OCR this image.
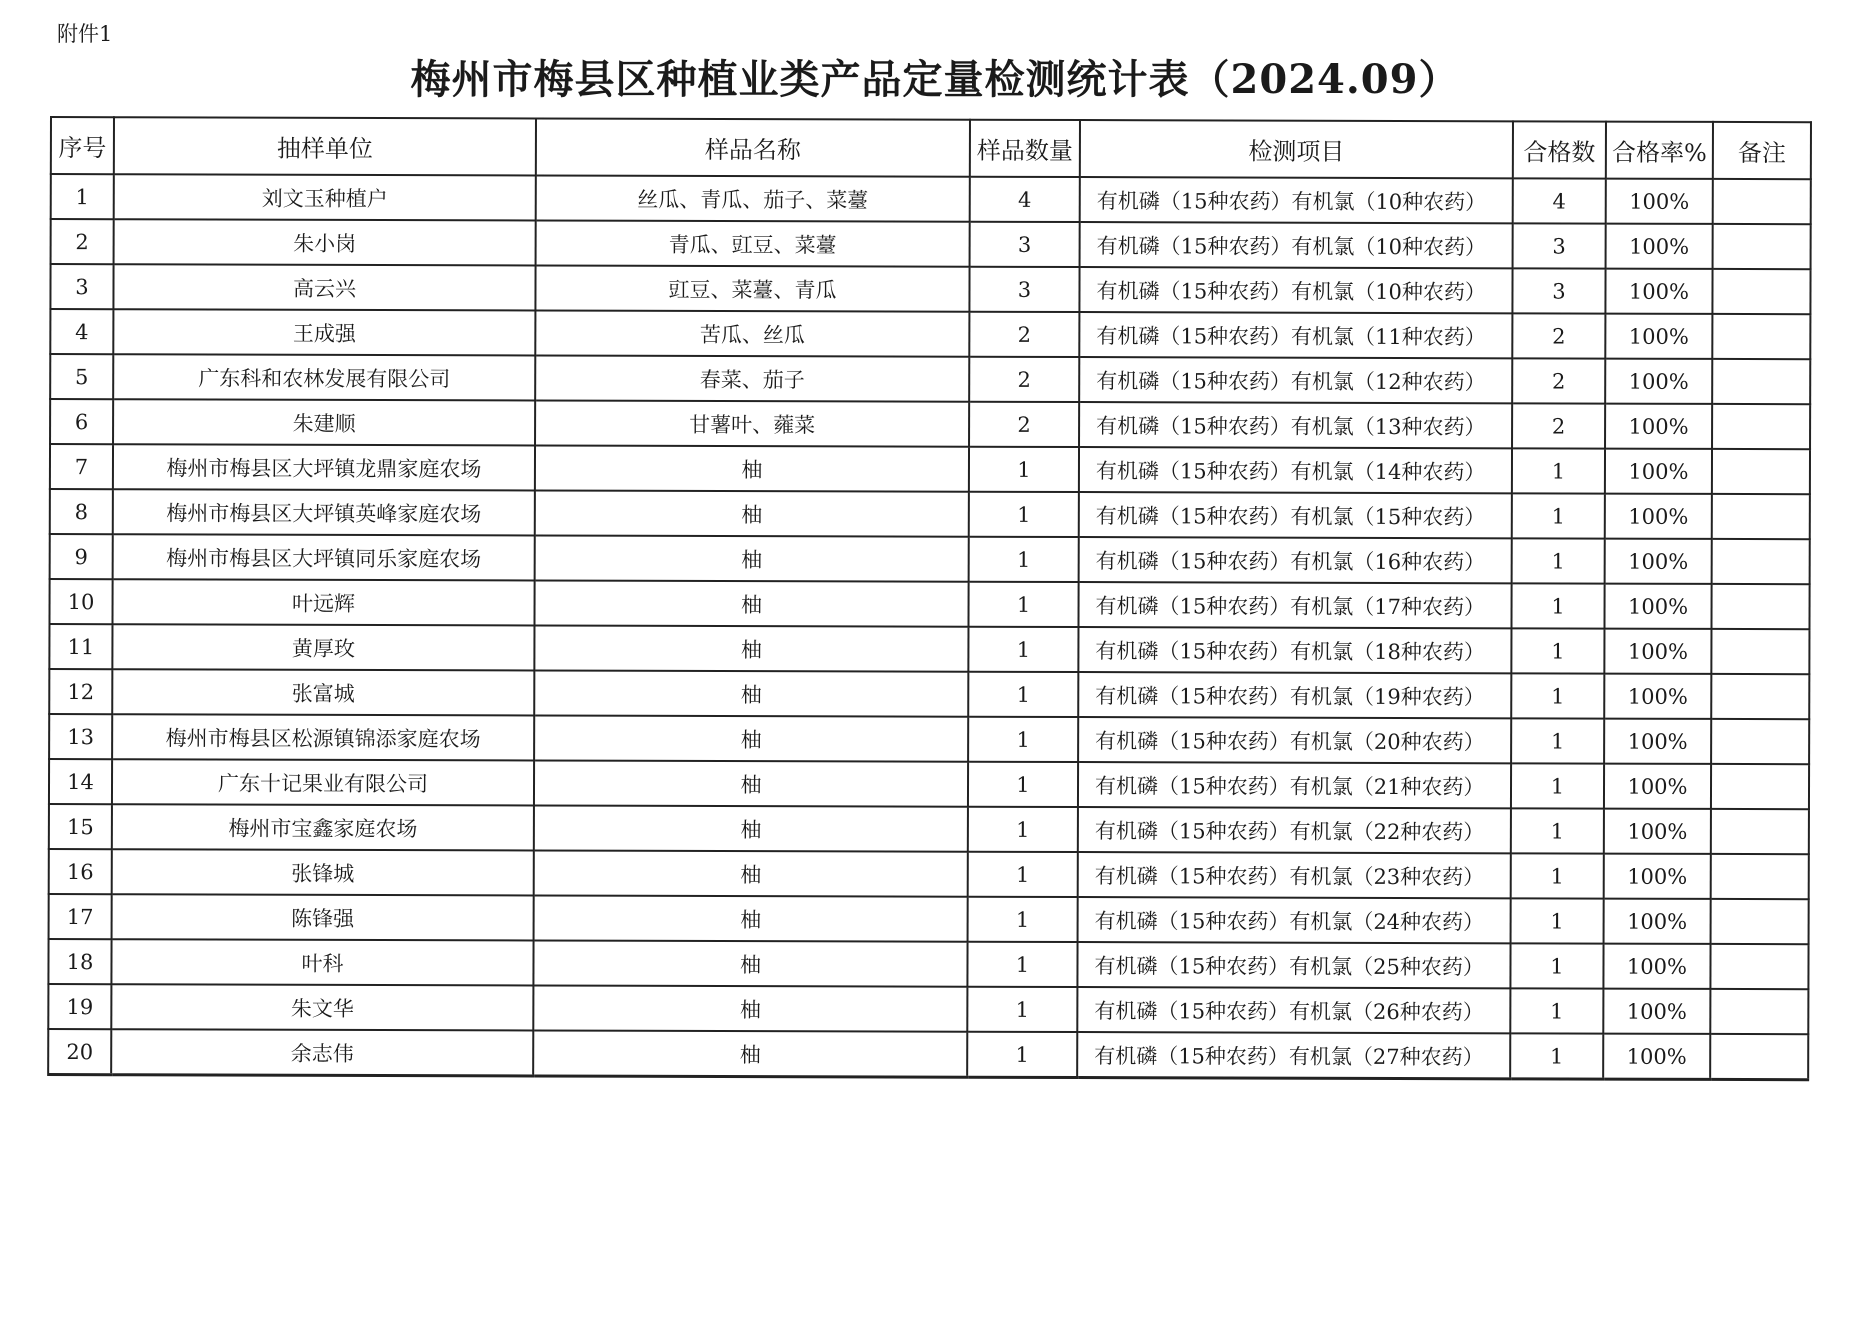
附件1
梅州市梅县区种植业类产品定量检测统计表（2024.09）
序号	抽样单位	样品名称	样品数量	检测项目	合格数	合格率%	备注
1	刘文玉种植户	丝瓜、青瓜、茄子、菜薹	4	有机磷（15种农药）有机氯（10种农药）	4	100%	
2	朱小岗	青瓜、豇豆、菜薹	3	有机磷（15种农药）有机氯（10种农药）	3	100%	
3	高云兴	豇豆、菜薹、青瓜	3	有机磷（15种农药）有机氯（10种农药）	3	100%	
4	王成强	苦瓜、丝瓜	2	有机磷（15种农药）有机氯（11种农药）	2	100%	
5	广东科和农林发展有限公司	春菜、茄子	2	有机磷（15种农药）有机氯（12种农药）	2	100%	
6	朱建顺	甘薯叶、蕹菜	2	有机磷（15种农药）有机氯（13种农药）	2	100%	
7	梅州市梅县区大坪镇龙鼎家庭农场	柚	1	有机磷（15种农药）有机氯（14种农药）	1	100%	
8	梅州市梅县区大坪镇英峰家庭农场	柚	1	有机磷（15种农药）有机氯（15种农药）	1	100%	
9	梅州市梅县区大坪镇同乐家庭农场	柚	1	有机磷（15种农药）有机氯（16种农药）	1	100%	
10	叶远辉	柚	1	有机磷（15种农药）有机氯（17种农药）	1	100%	
11	黄厚玫	柚	1	有机磷（15种农药）有机氯（18种农药）	1	100%	
12	张富城	柚	1	有机磷（15种农药）有机氯（19种农药）	1	100%	
13	梅州市梅县区松源镇锦添家庭农场	柚	1	有机磷（15种农药）有机氯（20种农药）	1	100%	
14	广东十记果业有限公司	柚	1	有机磷（15种农药）有机氯（21种农药）	1	100%	
15	梅州市宝鑫家庭农场	柚	1	有机磷（15种农药）有机氯（22种农药）	1	100%	
16	张锋城	柚	1	有机磷（15种农药）有机氯（23种农药）	1	100%	
17	陈锋强	柚	1	有机磷（15种农药）有机氯（24种农药）	1	100%	
18	叶科	柚	1	有机磷（15种农药）有机氯（25种农药）	1	100%	
19	朱文华	柚	1	有机磷（15种农药）有机氯（26种农药）	1	100%	
20	余志伟	柚	1	有机磷（15种农药）有机氯（27种农药）	1	100%	
